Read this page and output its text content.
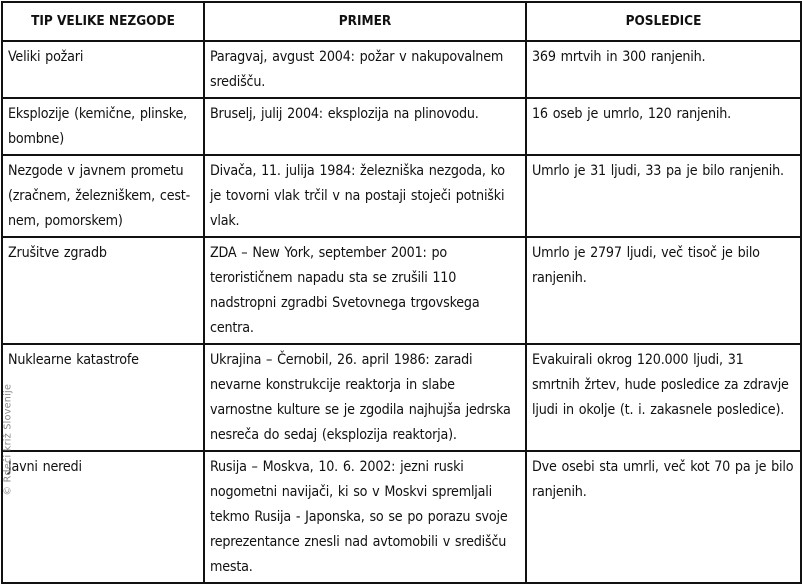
TIP VELIKE NEZGODE	PRIMER	POSLEDICE
Veliki požari	Paragvaj, avgust 2004: požar v nakupovalnem središču.	369 mrtvih in 300 ranjenih.
Eksplozije (kemične, plinske, bombne)	Bruselj, julij 2004: eksplozija na plinovodu.	16 oseb je umrlo, 120 ranjenih.
Nezgode v javnem prometu (zračnem, železniškem, cest-nem, pomorskem)	Divača, 11. julija 1984: železniška nezgoda, ko je tovorni vlak trčil v na postaji stoječi potniški vlak.	Umrlo je 31 ljudi, 33 pa je bilo ranjenih.
Zrušitve zgradb	ZDA – New York, september 2001: po terorističnem napadu sta se zrušili 110 nadstropni zgradbi Svetovnega trgovskega centra.	Umrlo je 2797 ljudi, več tisoč je bilo ranjenih.
Nuklearne katastrofe	Ukrajina – Černobil, 26. april 1986: zaradi nevarne konstrukcije reaktorja in slabe varnostne kulture se je zgodila najhujša jedrska nesreča do sedaj (eksplozija reaktorja).	Evakuirali okrog 120.000 ljudi, 31 smrtnih žrtev, hude posledice za zdravje ljudi in okolje (t. i. zakasnele posledice).
Javni neredi	Rusija – Moskva, 10. 6. 2002: jezni ruski nogometni navijači, ki so v Moskvi spremljali tekmo Rusija - Japonska, so se po porazu svoje reprezentance znesli nad avtomobili v središču mesta.	Dve osebi sta umrli, več kot 70 pa je bilo ranjenih.
© Rdeči križ Slovenije
